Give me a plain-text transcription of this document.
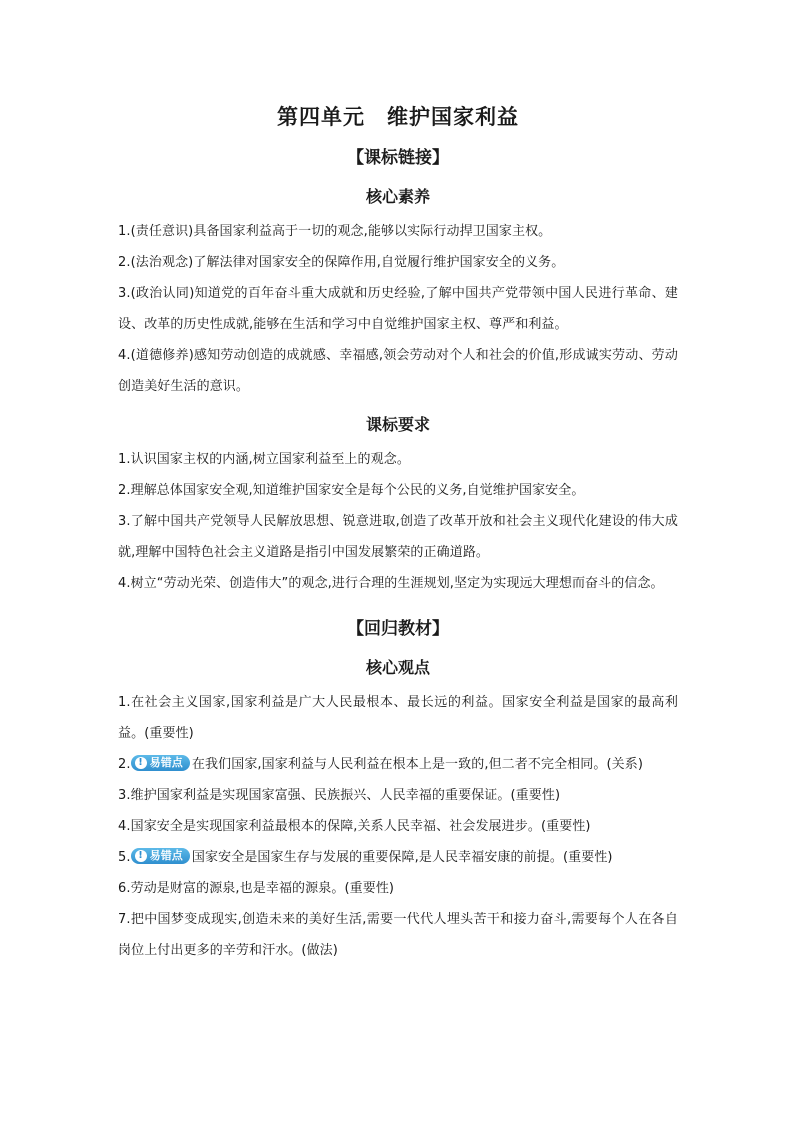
第四单元　维护国家利益
【课标链接】
核心素养

1.(责任意识)具备国家利益高于一切的观念,能够以实际行动捍卫国家主权。

2.(法治观念)了解法律对国家安全的保障作用,自觉履行维护国家安全的义务。

3.(政治认同)知道党的百年奋斗重大成就和历史经验,了解中国共产党带领中国人民进行革命、建设、改革的历史性成就,能够在生活和学习中自觉维护国家主权、尊严和利益。

4.(道德修养)感知劳动创造的成就感、幸福感,领会劳动对个人和社会的价值,形成诚实劳动、劳动创造美好生活的意识。

课标要求

1.认识国家主权的内涵,树立国家利益至上的观念。

2.理解总体国家安全观,知道维护国家安全是每个公民的义务,自觉维护国家安全。

3.了解中国共产党领导人民解放思想、锐意进取,创造了改革开放和社会主义现代化建设的伟大成就,理解中国特色社会主义道路是指引中国发展繁荣的正确道路。

4.树立“劳动光荣、创造伟大”的观念,进行合理的生涯规划,坚定为实现远大理想而奋斗的信念。

【回归教材】
核心观点

1.在社会主义国家,国家利益是广大人民最根本、最长远的利益。国家安全利益是国家的最高利益。(重要性)

2. ! 易错点 在我们国家,国家利益与人民利益在根本上是一致的,但二者不完全相同。(关系)

3.维护国家利益是实现国家富强、民族振兴、人民幸福的重要保证。(重要性)

4.国家安全是实现国家利益最根本的保障,关系人民幸福、社会发展进步。(重要性)

5. ! 易错点 国家安全是国家生存与发展的重要保障,是人民幸福安康的前提。(重要性)

6.劳动是财富的源泉,也是幸福的源泉。(重要性)

7.把中国梦变成现实,创造未来的美好生活,需要一代代人埋头苦干和接力奋斗,需要每个人在各自岗位上付出更多的辛劳和汗水。(做法)
